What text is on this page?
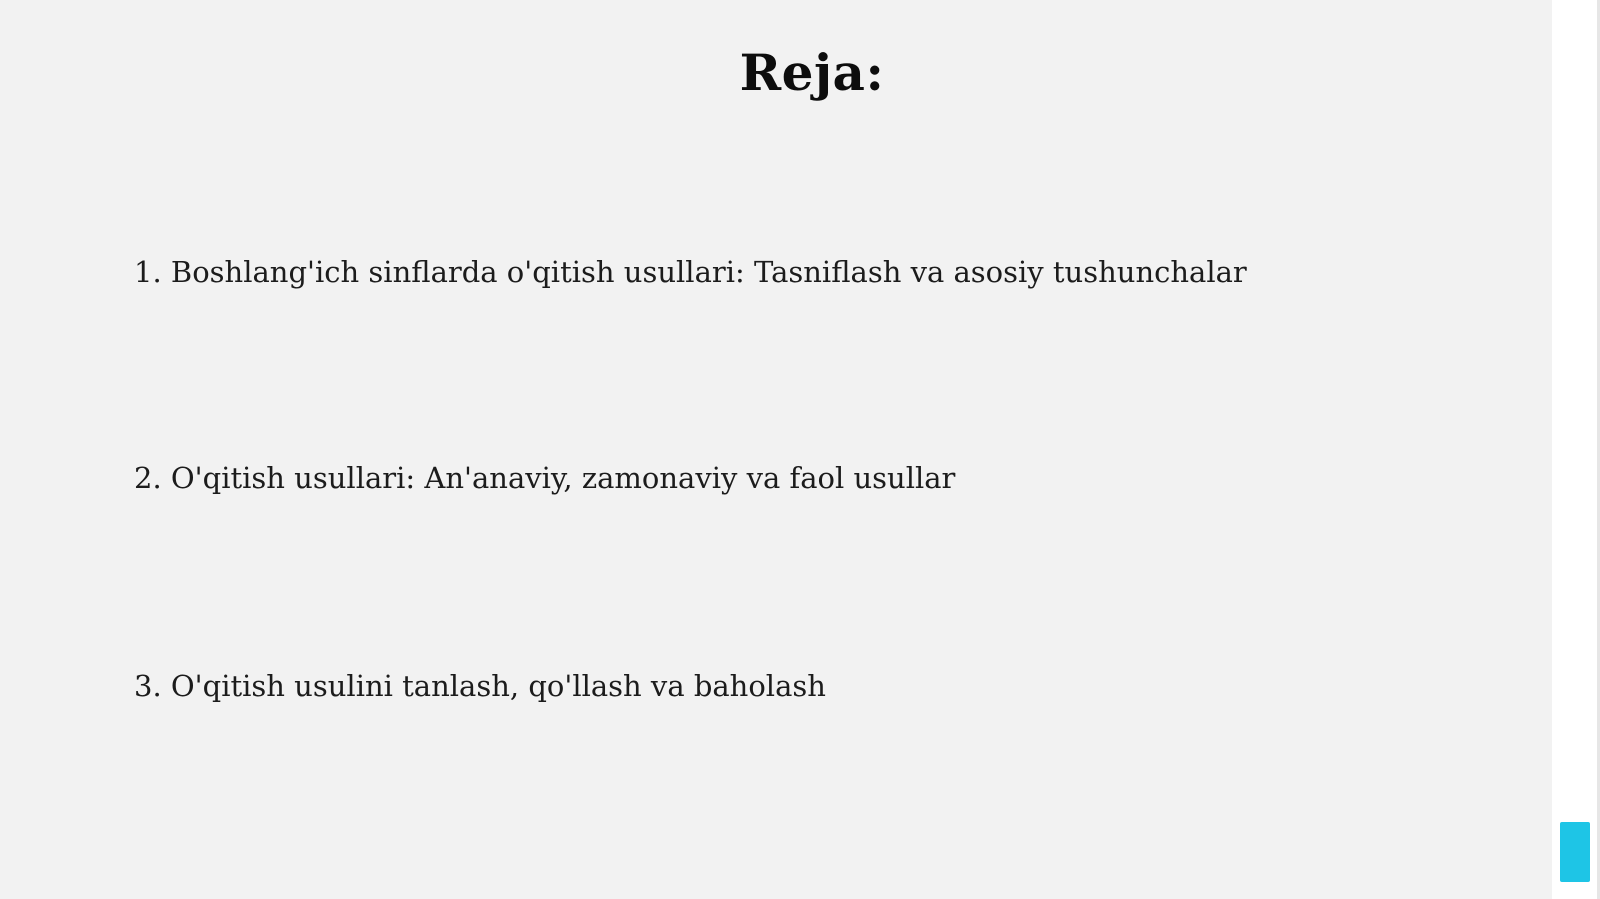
Reja:
1. Boshlang'ich sinflarda o'qitish usullari: Tasniflash va asosiy tushunchalar
2. O'qitish usullari: An'anaviy, zamonaviy va faol usullar
3. O'qitish usulini tanlash, qo'llash va baholash
